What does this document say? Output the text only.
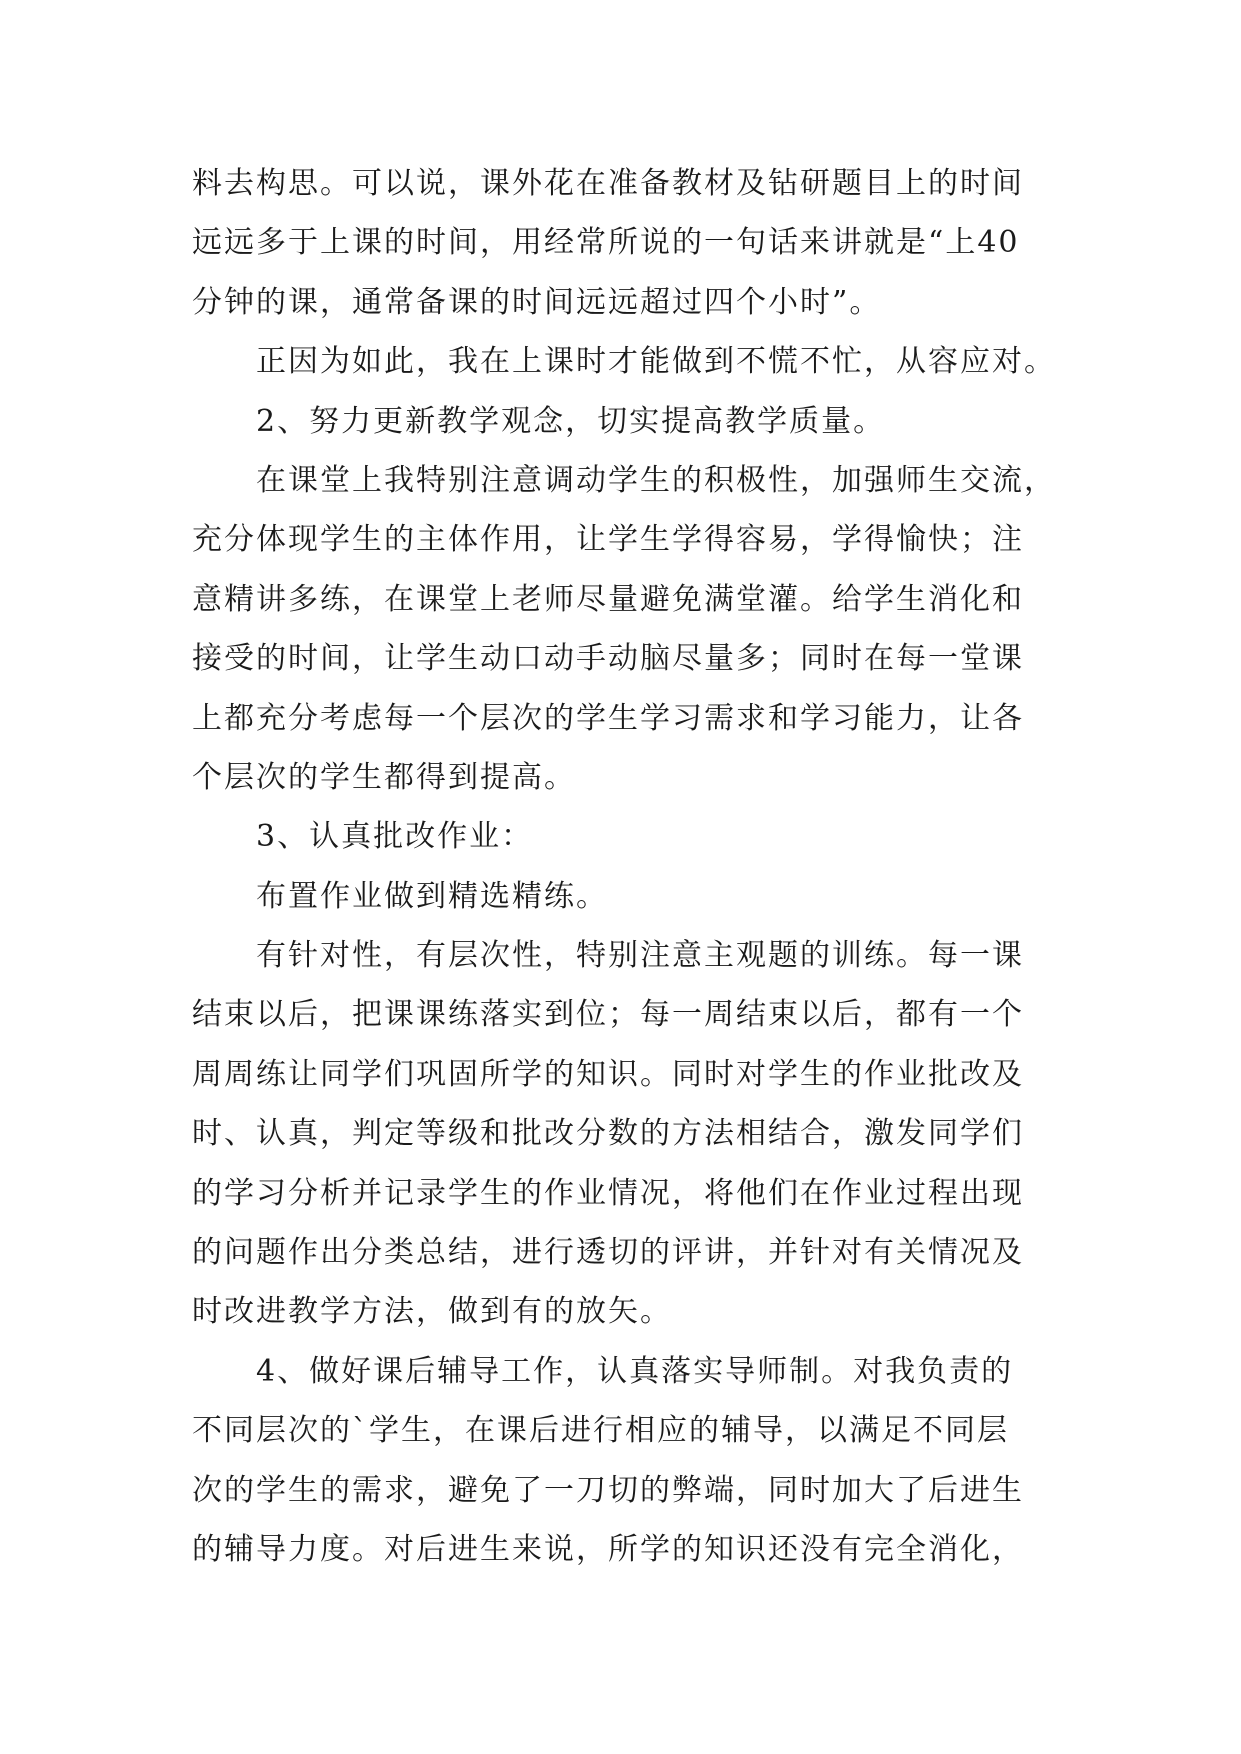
料去构思。可以说，课外花在准备教材及钻研题目上的时间
远远多于上课的时间，用经常所说的一句话来讲就是“上40
分钟的课，通常备课的时间远远超过四个小时”。
正因为如此，我在上课时才能做到不慌不忙，从容应对。
2、努力更新教学观念，切实提高教学质量。
在课堂上我特别注意调动学生的积极性，加强师生交流，
充分体现学生的主体作用，让学生学得容易，学得愉快；注
意精讲多练，在课堂上老师尽量避免满堂灌。给学生消化和
接受的时间，让学生动口动手动脑尽量多；同时在每一堂课
上都充分考虑每一个层次的学生学习需求和学习能力，让各
个层次的学生都得到提高。
3、认真批改作业：
布置作业做到精选精练。
有针对性，有层次性，特别注意主观题的训练。每一课
结束以后，把课课练落实到位；每一周结束以后，都有一个
周周练让同学们巩固所学的知识。同时对学生的作业批改及
时、认真，判定等级和批改分数的方法相结合，激发同学们
的学习分析并记录学生的作业情况，将他们在作业过程出现
的问题作出分类总结，进行透切的评讲，并针对有关情况及
时改进教学方法，做到有的放矢。
4、做好课后辅导工作，认真落实导师制。对我负责的
不同层次的`学生，在课后进行相应的辅导，以满足不同层
次的学生的需求，避免了一刀切的弊端，同时加大了后进生
的辅导力度。对后进生来说，所学的知识还没有完全消化，
